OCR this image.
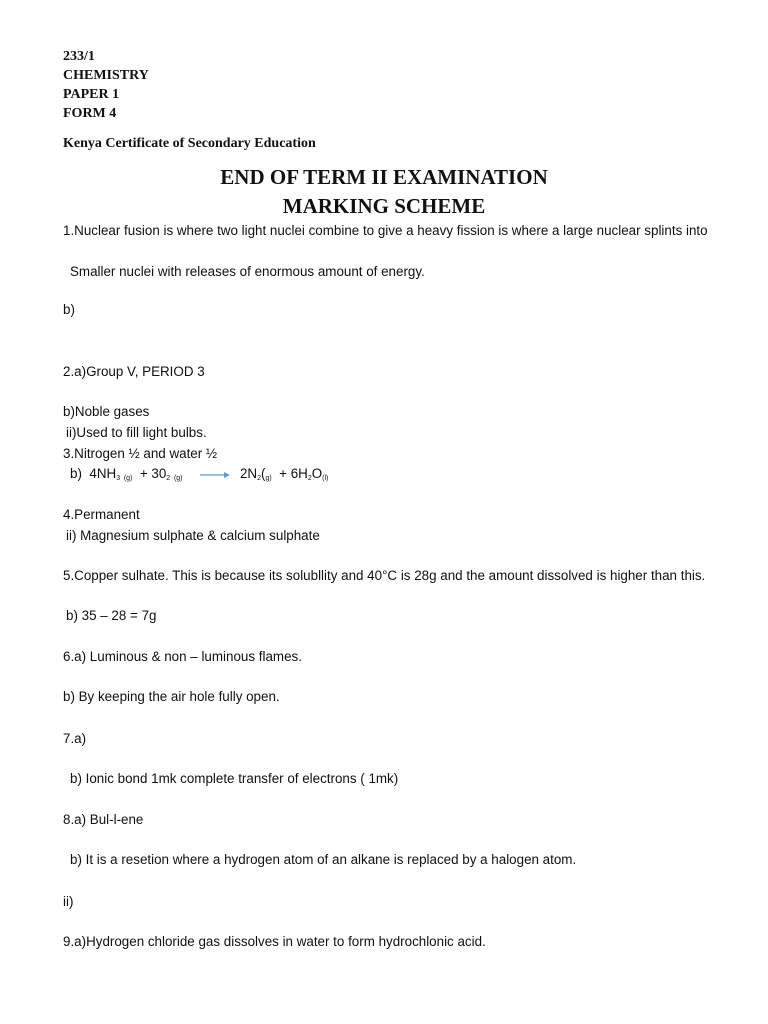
233/1

CHEMISTRY

PAPER 1

FORM 4

Kenya Certificate of Secondary Education

END OF TERM II EXAMINATION

MARKING SCHEME

1.Nuclear fusion is where two light nuclei combine to give a heavy fission is where a large nuclear splints into

Smaller nuclei with releases of enormous amount of energy.

b)

2.a)Group V, PERIOD 3

b)Noble gases

ii)Used to fill light bulbs.

3.Nitrogen ½ and water ½

b) $4NH_3$ $_{(g)} + 30_2$ $_{(g)} \to 2N_2(_{g)} + 6H_2O_{(l)}$

4.Permanent

ii) Magnesium sulphate & calcium sulphate

5.Copper sulhate. This is because its solubllity and 40°C is 28g and the amount dissolved is higher than this.

b) 35 – 28 = 7g

6.a) Luminous & non – luminous flames.

b) By keeping the air hole fully open.

7.a)

b) Ionic bond 1mk complete transfer of electrons ( 1mk)

8.a) Bul-l-ene

b) It is a resetion where a hydrogen atom of an alkane is replaced by a halogen atom.

ii)

9.a)Hydrogen chloride gas dissolves in water to form hydrochlonic acid.
